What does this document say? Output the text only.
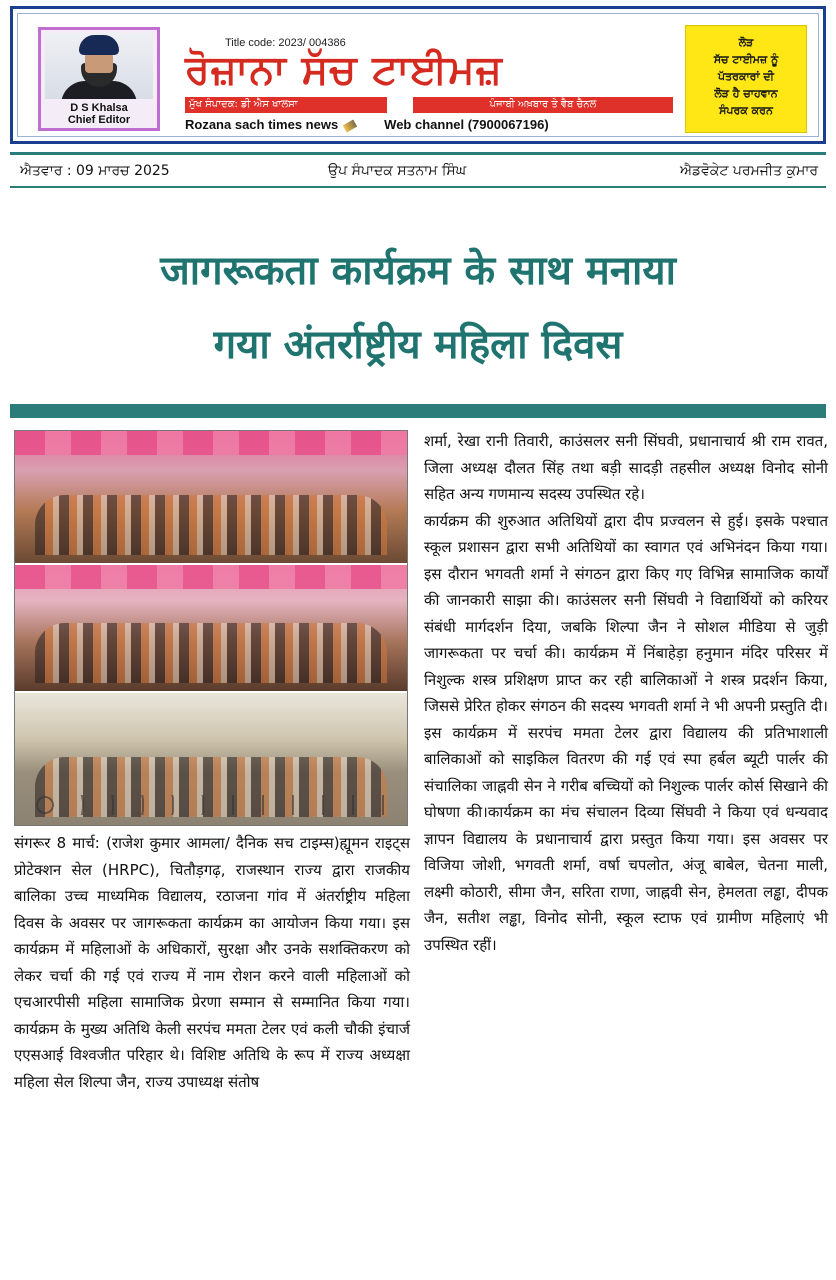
D S Khalsa
Chief Editor
Title code: 2023/ 004386
ਰੋਜ਼ਾਨਾ ਸੱਚ ਟਾਈਮਜ਼
ਮੁੱਖ ਸੰਪਾਦਕ: ਡੀ ਐਸ ਖਾਲਸਾ	ਪੰਜਾਬੀ ਅਖ਼ਬਾਰ ਤੇ ਵੈਬ ਚੈਨਲ
Rozana sach times news	Web channel (7900067196)
ਲੋੜ
ਸੱਚ ਟਾਈਮਜ਼ ਨੂੰ
ਪੱਤਰਕਾਰਾਂ ਦੀ
ਲੋੜ ਹੈ ਚਾਹਵਾਨ
ਸੰਪਰਕ ਕਰਨ
ਐਤਵਾਰ : 09 ਮਾਰਚ 2025	ਉਪ ਸੰਪਾਦਕ ਸਤਨਾਮ ਸਿੰਘ	ਐਡਵੋਕੇਟ ਪਰਮਜੀਤ ਕੁਮਾਰ
जागरूकता कार्यक्रम के साथ मनाया
गया अंतर्राष्ट्रीय महिला दिवस

संगरूर 8 मार्च: (राजेश कुमार आमला/ दैनिक सच टाइम्स)ह्यूमन राइट्स प्रोटेक्शन सेल (HRPC), चितौड़गढ़, राजस्थान राज्य द्वारा राजकीय बालिका उच्च माध्यमिक विद्यालय, रठाजना गांव में अंतर्राष्ट्रीय महिला दिवस के अवसर पर जागरूकता कार्यक्रम का आयोजन किया गया। इस कार्यक्रम में महिलाओं के अधिकारों, सुरक्षा और उनके सशक्तिकरण को लेकर चर्चा की गई एवं राज्य में नाम रोशन करने वाली महिलाओं को एचआरपीसी महिला सामाजिक प्रेरणा सम्मान से सम्मानित किया गया।कार्यक्रम के मुख्य अतिथि केली सरपंच ममता टेलर एवं कली चौकी इंचार्ज एएसआई विश्वजीत परिहार थे। विशिष्ट अतिथि के रूप में राज्य अध्यक्षा महिला सेल शिल्पा जैन, राज्य उपाध्यक्ष संतोष

शर्मा, रेखा रानी तिवारी, काउंसलर सनी सिंघवी, प्रधानाचार्य श्री राम रावत, जिला अध्यक्ष दौलत सिंह तथा बड़ी सादड़ी तहसील अध्यक्ष विनोद सोनी सहित अन्य गणमान्य सदस्य उपस्थित रहे।

कार्यक्रम की शुरुआत अतिथियों द्वारा दीप प्रज्वलन से हुई। इसके पश्चात स्कूल प्रशासन द्वारा सभी अतिथियों का स्वागत एवं अभिनंदन किया गया। इस दौरान भगवती शर्मा ने संगठन द्वारा किए गए विभिन्न सामाजिक कार्यों की जानकारी साझा की। काउंसलर सनी सिंघवी ने विद्यार्थियों को करियर संबंधी मार्गदर्शन दिया, जबकि शिल्पा जैन ने सोशल मीडिया से जुड़ी जागरूकता पर चर्चा की। कार्यक्रम में निंबाहेड़ा हनुमान मंदिर परिसर में निशुल्क शस्त्र प्रशिक्षण प्राप्त कर रही बालिकाओं ने शस्त्र प्रदर्शन किया, जिससे प्रेरित होकर संगठन की सदस्य भगवती शर्मा ने भी अपनी प्रस्तुति दी।इस कार्यक्रम में सरपंच ममता टेलर द्वारा विद्यालय की प्रतिभाशाली बालिकाओं को साइकिल वितरण की गई एवं स्पा हर्बल ब्यूटी पार्लर की संचालिका जाह्नवी सेन ने गरीब बच्चियों को निशुल्क पार्लर कोर्स सिखाने की घोषणा की।कार्यक्रम का मंच संचालन दिव्या सिंघवी ने किया एवं धन्यवाद ज्ञापन विद्यालय के प्रधानाचार्य द्वारा प्रस्तुत किया गया। इस अवसर पर विजिया जोशी, भगवती शर्मा, वर्षा चपलोत, अंजू बाबेल, चेतना माली, लक्ष्मी कोठारी, सीमा जैन, सरिता राणा, जाह्नवी सेन, हेमलता लड्ढा, दीपक जैन, सतीश लड्ढा, विनोद सोनी, स्कूल स्टाफ एवं ग्रामीण महिलाएं भी उपस्थित रहीं।
